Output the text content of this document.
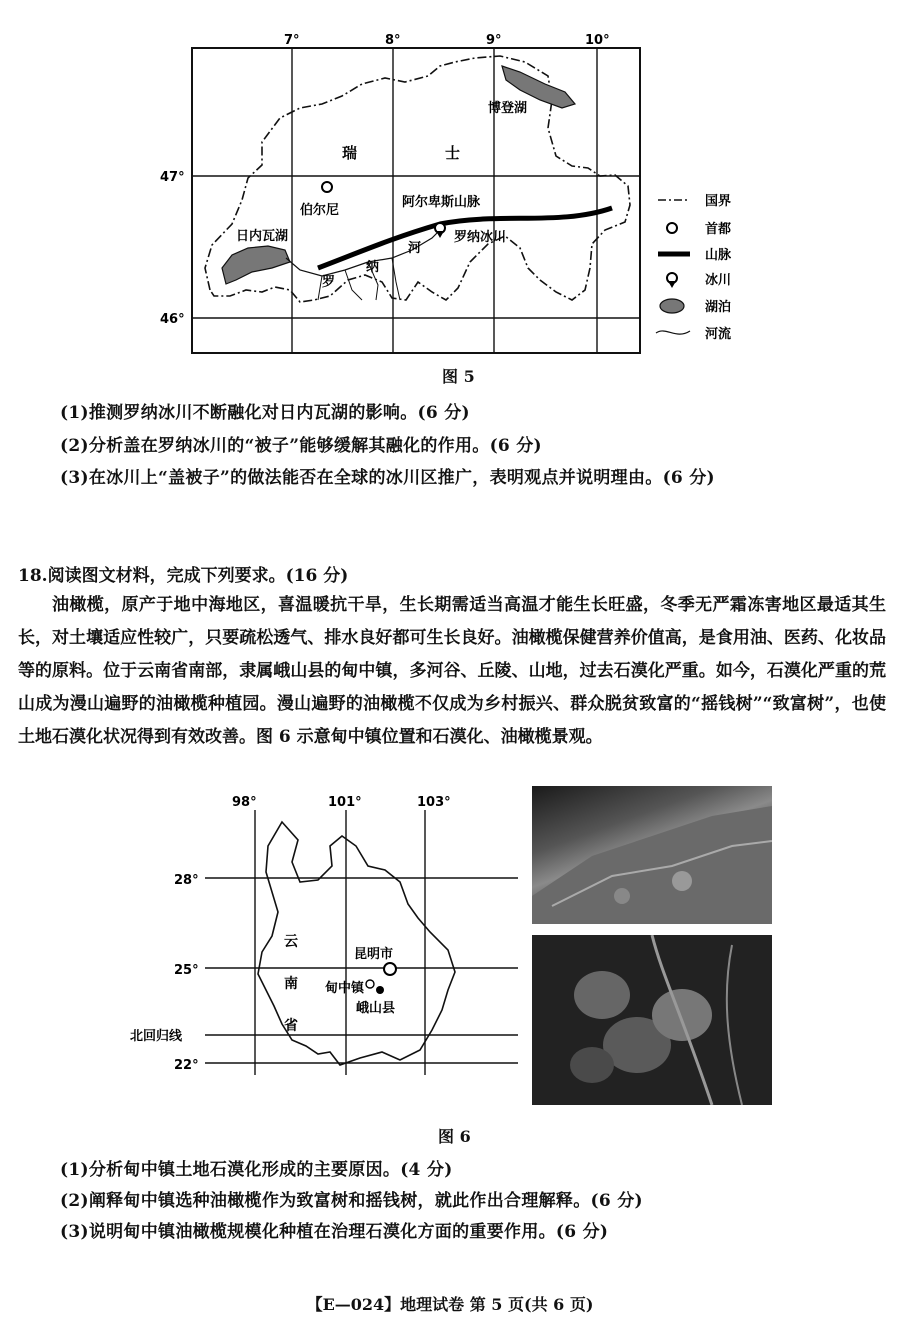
7°	8°	9°	10°
47°
46°
瑞	士
伯尔尼
博登湖
日内瓦湖
阿尔卑斯山脉
罗纳冰川
罗
纳
河
国界
首都
山脉
冰川
湖泊
河流
图 5
(1)推测罗纳冰川不断融化对日内瓦湖的影响。(6 分)
(2)分析盖在罗纳冰川的“被子”能够缓解其融化的作用。(6 分)
(3)在冰川上“盖被子”的做法能否在全球的冰川区推广，表明观点并说明理由。(6 分)
18.阅读图文材料，完成下列要求。(16 分)

油橄榄，原产于地中海地区，喜温暖抗干旱，生长期需适当高温才能生长旺盛，冬季无严霜冻害地区最适其生长，对土壤适应性较广，只要疏松透气、排水良好都可生长良好。油橄榄保健营养价值高，是食用油、医药、化妆品等的原料。位于云南省南部，隶属峨山县的甸中镇，多河谷、丘陵、山地，过去石漠化严重。如今，石漠化严重的荒山成为漫山遍野的油橄榄种植园。漫山遍野的油橄榄不仅成为乡村振兴、群众脱贫致富的“摇钱树”“致富树”，也使土地石漠化状况得到有效改善。图 6 示意甸中镇位置和石漠化、油橄榄景观。

98°	101°	103°
28°
25°
北回归线
22°
云
南
省
昆明市
甸中镇
峨山县
图 6
(1)分析甸中镇土地石漠化形成的主要原因。(4 分)
(2)阐释甸中镇选种油橄榄作为致富树和摇钱树，就此作出合理解释。(6 分)
(3)说明甸中镇油橄榄规模化种植在治理石漠化方面的重要作用。(6 分)
【E—024】地理试卷 第 5 页(共 6 页)
